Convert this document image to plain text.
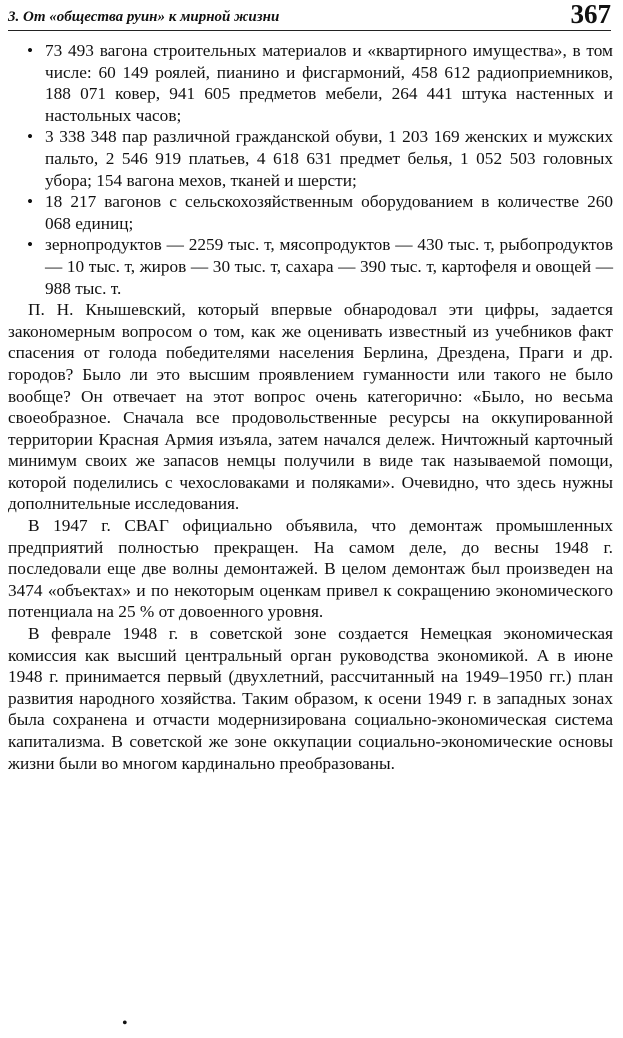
3. От «общества руин» к мирной жизни	367
• 73 493 вагона строительных материалов и «квартирного имущества», в том числе: 60 149 роялей, пианино и фисгармоний, 458 612 радиоприемников, 188 071 ковер, 941 605 предметов мебели, 264 441 штука настенных и настольных часов;
• 3 338 348 пар различной гражданской обуви, 1 203 169 женских и мужских пальто, 2 546 919 платьев, 4 618 631 предмет белья, 1 052 503 головных убора; 154 вагона мехов, тканей и шерсти;
• 18 217 вагонов с сельскохозяйственным оборудованием в количестве 260 068 единиц;
• зернопродуктов — 2259 тыс. т, мясопродуктов — 430 тыс. т, рыбопродуктов — 10 тыс. т, жиров — 30 тыс. т, сахара — 390 тыс. т, картофеля и овощей — 988 тыс. т.

П. Н. Кнышевский, который впервые обнародовал эти цифры, задается закономерным вопросом о том, как же оценивать известный из учебников факт спасения от голода победителями населения Берлина, Дрездена, Праги и др. городов? Было ли это высшим проявлением гуманности или такого не было вообще? Он отвечает на этот вопрос очень категорично: «Было, но весьма своеобразное. Сначала все продовольственные ресурсы на оккупированной территории Красная Армия изъяла, затем начался дележ. Ничтожный карточный минимум своих же запасов немцы получили в виде так называемой помощи, которой поделились с чехословаками и поляками». Очевидно, что здесь нужны дополнительные исследования.

В 1947 г. СВАГ официально объявила, что демонтаж промышленных предприятий полностью прекращен. На самом деле, до весны 1948 г. последовали еще две волны демонтажей. В целом демонтаж был произведен на 3474 «объектах» и по некоторым оценкам привел к сокращению экономического потенциала на 25 % от довоенного уровня.

В феврале 1948 г. в советской зоне создается Немецкая экономическая комиссия как высший центральный орган руководства экономикой. А в июне 1948 г. принимается первый (двухлетний, рассчитанный на 1949–1950 гг.) план развития народного хозяйства. Таким образом, к осени 1949 г. в западных зонах была сохранена и отчасти модернизирована социально-экономическая система капитализма. В советской же зоне оккупации социально-экономические основы жизни были во многом кардинально преобразованы.

•
